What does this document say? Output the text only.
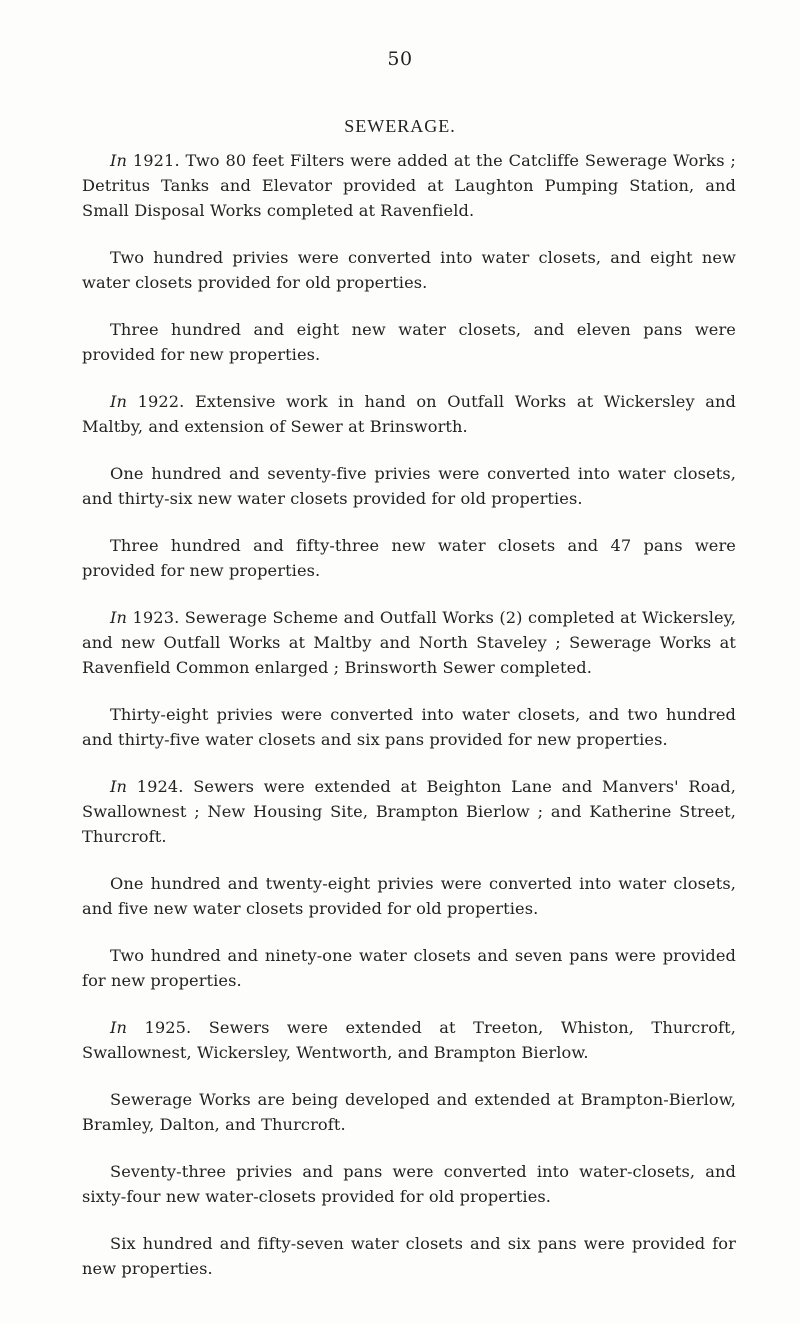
50
SEWERAGE.

In 1921. Two 80 feet Filters were added at the Catcliffe Sewerage Works ; Detritus Tanks and Elevator provided at Laughton Pumping Station, and Small Disposal Works completed at Ravenfield.

Two hundred privies were converted into water closets, and eight new water closets provided for old properties.

Three hundred and eight new water closets, and eleven pans were provided for new properties.

In 1922. Extensive work in hand on Outfall Works at Wickersley and Maltby, and extension of Sewer at Brinsworth.

One hundred and seventy-five privies were converted into water closets, and thirty-six new water closets provided for old properties.

Three hundred and fifty-three new water closets and 47 pans were provided for new properties.

In 1923. Sewerage Scheme and Outfall Works (2) completed at Wickersley, and new Outfall Works at Maltby and North Staveley ; Sewerage Works at Ravenfield Common enlarged ; Brinsworth Sewer completed.

Thirty-eight privies were converted into water closets, and two hundred and thirty-five water closets and six pans provided for new properties.

In 1924. Sewers were extended at Beighton Lane and Manvers' Road, Swallownest ; New Housing Site, Brampton Bierlow ; and Katherine Street, Thurcroft.

One hundred and twenty-eight privies were converted into water closets, and five new water closets provided for old properties.

Two hundred and ninety-one water closets and seven pans were provided for new properties.

In 1925. Sewers were extended at Treeton, Whiston, Thurcroft, Swallownest, Wickersley, Wentworth, and Brampton Bierlow.

Sewerage Works are being developed and extended at Brampton-Bierlow, Bramley, Dalton, and Thurcroft.

Seventy-three privies and pans were converted into water-closets, and sixty-four new water-closets provided for old properties.

Six hundred and fifty-seven water closets and six pans were provided for new properties.
